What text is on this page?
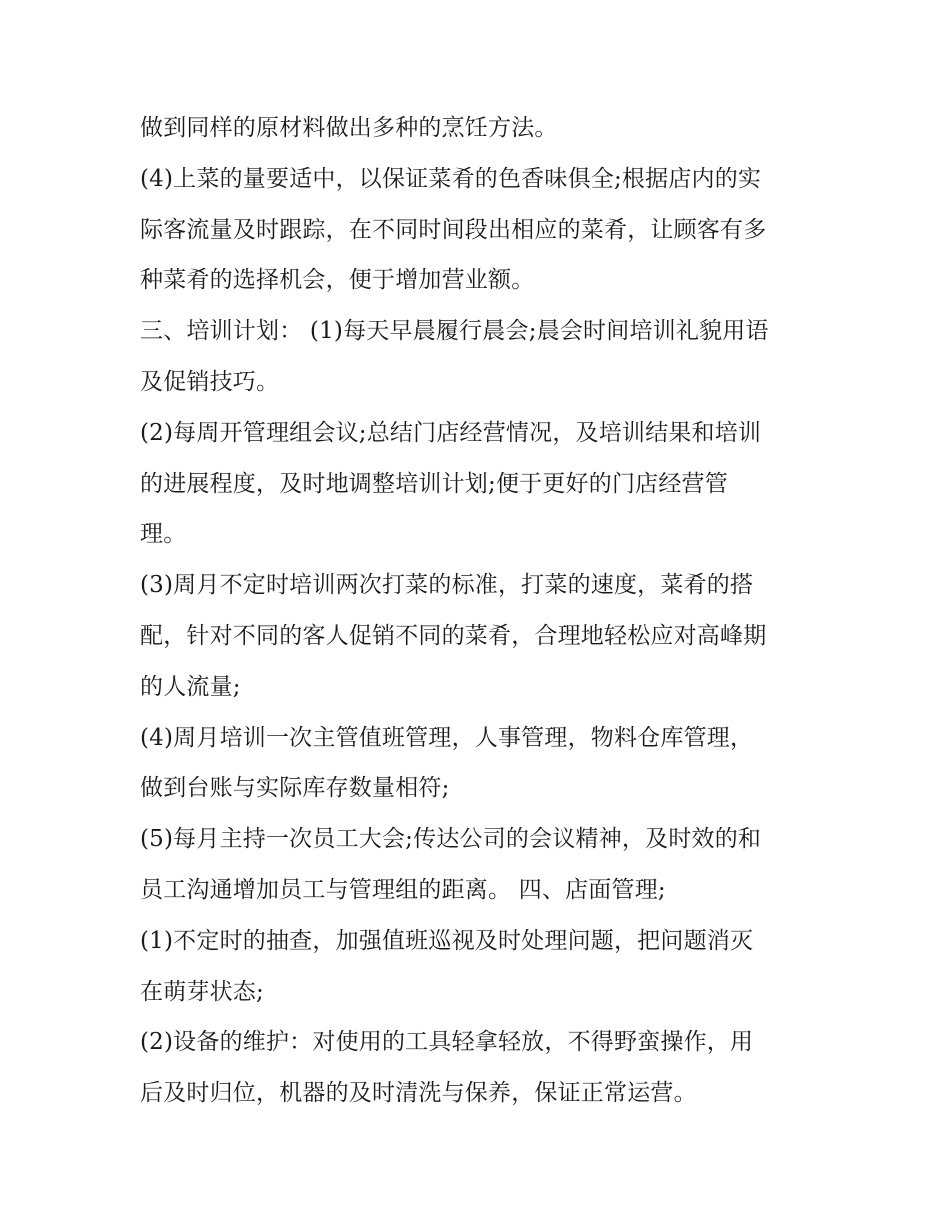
做到同样的原材料做出多种的烹饪方法。
(4)上菜的量要适中，以保证菜肴的色香味俱全;根据店内的实
际客流量及时跟踪，在不同时间段出相应的菜肴，让顾客有多
种菜肴的选择机会，便于增加营业额。
三、培训计划： (1)每天早晨履行晨会;晨会时间培训礼貌用语
及促销技巧。
(2)每周开管理组会议;总结门店经营情况，及培训结果和培训
的进展程度，及时地调整培训计划;便于更好的门店经营管
理。
(3)周月不定时培训两次打菜的标准，打菜的速度，菜肴的搭
配，针对不同的客人促销不同的菜肴，合理地轻松应对高峰期
的人流量;
(4)周月培训一次主管值班管理，人事管理，物料仓库管理，
做到台账与实际库存数量相符;
(5)每月主持一次员工大会;传达公司的会议精神，及时效的和
员工沟通增加员工与管理组的距离。 四、店面管理;
(1)不定时的抽查，加强值班巡视及时处理问题，把问题消灭
在萌芽状态;
(2)设备的维护：对使用的工具轻拿轻放，不得野蛮操作，用
后及时归位，机器的及时清洗与保养，保证正常运营。
